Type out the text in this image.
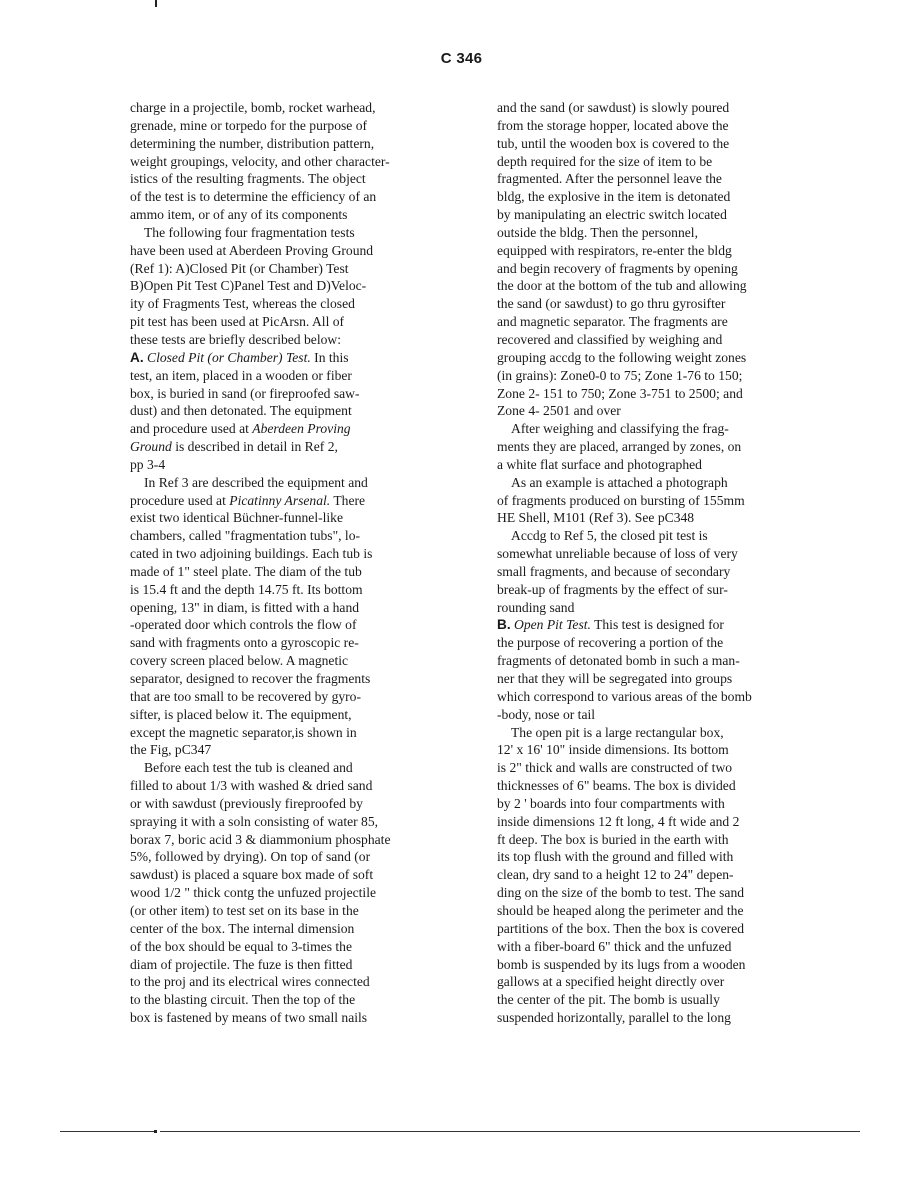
C 346
charge in a projectile, bomb, rocket warhead,
grenade, mine or torpedo for the purpose of
determining the number, distribution pattern,
weight groupings, velocity, and other character-
istics of the resulting fragments. The object
of the test is to determine the efficiency of an
ammo item, or of any of its components
The following four fragmentation tests
have been used at Aberdeen Proving Ground
(Ref 1): A)Closed Pit (or Chamber) Test
B)Open Pit Test C)Panel Test and D)Veloc-
ity of Fragments Test, whereas the closed
pit test has been used at PicArsn. All of
these tests are briefly described below:
A. Closed Pit (or Chamber) Test. In this
test, an item, placed in a wooden or fiber
box, is buried in sand (or fireproofed saw-
dust) and then detonated. The equipment
and procedure used at Aberdeen Proving
Ground is described in detail in Ref 2,
pp 3-4
In Ref 3 are described the equipment and
procedure used at Picatinny Arsenal. There
exist two identical Büchner-funnel-like
chambers, called "fragmentation tubs", lo-
cated in two adjoining buildings. Each tub is
made of 1" steel plate. The diam of the tub
is 15.4 ft and the depth 14.75 ft. Its bottom
opening, 13" in diam, is fitted with a hand
-operated door which controls the flow of
sand with fragments onto a gyroscopic re-
covery screen placed below. A magnetic
separator, designed to recover the fragments
that are too small to be recovered by gyro-
sifter, is placed below it. The equipment,
except the magnetic separator,is shown in
the Fig, pC347
Before each test the tub is cleaned and
filled to about 1/3 with washed & dried sand
or with sawdust (previously fireproofed by
spraying it with a soln consisting of water 85,
borax 7, boric acid 3 & diammonium phosphate
5%, followed by drying). On top of sand (or
sawdust) is placed a square box made of soft
wood 1/2 " thick contg the unfuzed projectile
(or other item) to test set on its base in the
center of the box. The internal dimension
of the box should be equal to 3-times the
diam of projectile. The fuze is then fitted
to the proj and its electrical wires connected
to the blasting circuit. Then the top of the
box is fastened by means of two small nails
and the sand (or sawdust) is slowly poured
from the storage hopper, located above the
tub, until the wooden box is covered to the
depth required for the size of item to be
fragmented. After the personnel leave the
bldg, the explosive in the item is detonated
by manipulating an electric switch located
outside the bldg. Then the personnel,
equipped with respirators, re-enter the bldg
and begin recovery of fragments by opening
the door at the bottom of the tub and allowing
the sand (or sawdust) to go thru gyrosifter
and magnetic separator. The fragments are
recovered and classified by weighing and
grouping accdg to the following weight zones
(in grains): Zone0-0 to 75; Zone 1-76 to 150;
Zone 2- 151 to 750; Zone 3-751 to 2500; and
Zone 4- 2501 and over
After weighing and classifying the frag-
ments they are placed, arranged by zones, on
a white flat surface and photographed
As an example is attached a photograph
of fragments produced on bursting of 155mm
HE Shell, M101 (Ref 3). See pC348
Accdg to Ref 5, the closed pit test is
somewhat unreliable because of loss of very
small fragments, and because of secondary
break-up of fragments by the effect of sur-
rounding sand
B. Open Pit Test. This test is designed for
the purpose of recovering a portion of the
fragments of detonated bomb in such a man-
ner that they will be segregated into groups
which correspond to various areas of the bomb
-body, nose or tail
The open pit is a large rectangular box,
12' x 16' 10" inside dimensions. Its bottom
is 2" thick and walls are constructed of two
thicknesses of 6" beams. The box is divided
by 2 ' boards into four compartments with
inside dimensions 12 ft long, 4 ft wide and 2
ft deep. The box is buried in the earth with
its top flush with the ground and filled with
clean, dry sand to a height 12 to 24" depen-
ding on the size of the bomb to test. The sand
should be heaped along the perimeter and the
partitions of the box. Then the box is covered
with a fiber-board 6" thick and the unfuzed
bomb is suspended by its lugs from a wooden
gallows at a specified height directly over
the center of the pit. The bomb is usually
suspended horizontally, parallel to the long
